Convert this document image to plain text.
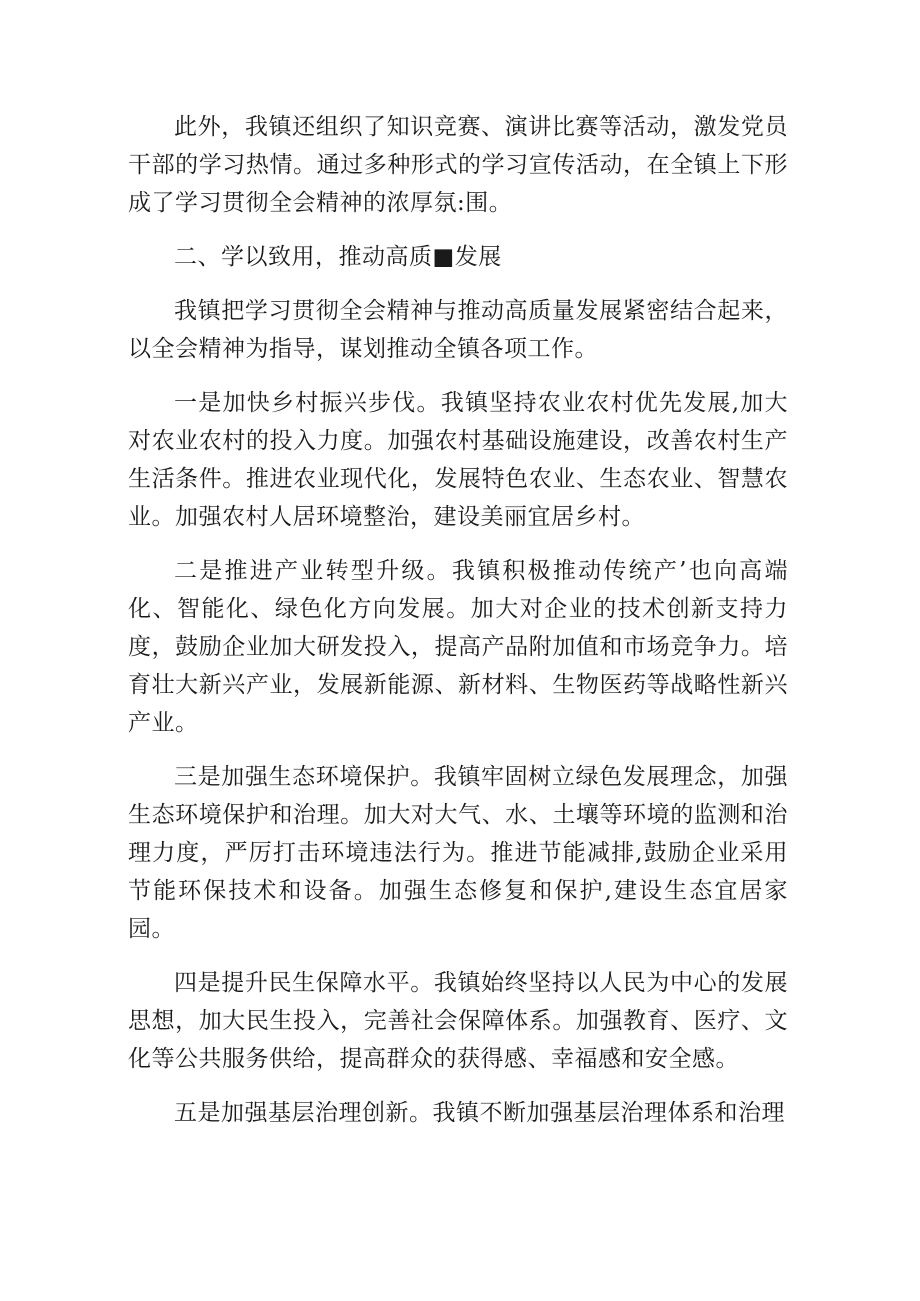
此外，我镇还组织了知识竞赛、演讲比赛等活动，激发党员干部的学习热情。通过多种形式的学习宣传活动，在全镇上下形成了学习贯彻全会精神的浓厚氛:围。

二、学以致用，推动高质■发展

我镇把学习贯彻全会精神与推动高质量发展紧密结合起来，以全会精神为指导，谋划推动全镇各项工作。

一是加快乡村振兴步伐。我镇坚持农业农村优先发展,加大对农业农村的投入力度。加强农村基础设施建设，改善农村生产生活条件。推进农业现代化，发展特色农业、生态农业、智慧农业。加强农村人居环境整治，建设美丽宜居乡村。

二是推进产业转型升级。我镇积极推动传统产’也向高端化、智能化、绿色化方向发展。加大对企业的技术创新支持力度，鼓励企业加大研发投入，提高产品附加值和市场竞争力。培育壮大新兴产业，发展新能源、新材料、生物医药等战略性新兴产业。

三是加强生态环境保护。我镇牢固树立绿色发展理念，加强生态环境保护和治理。加大对大气、水、土壤等环境的监测和治理力度，严厉打击环境违法行为。推进节能减排,鼓励企业采用节能环保技术和设备。加强生态修复和保护,建设生态宜居家园。

四是提升民生保障水平。我镇始终坚持以人民为中心的发展思想，加大民生投入，完善社会保障体系。加强教育、医疗、文化等公共服务供给，提高群众的获得感、幸福感和安全感。

五是加强基层治理创新。我镇不断加强基层治理体系和治理
